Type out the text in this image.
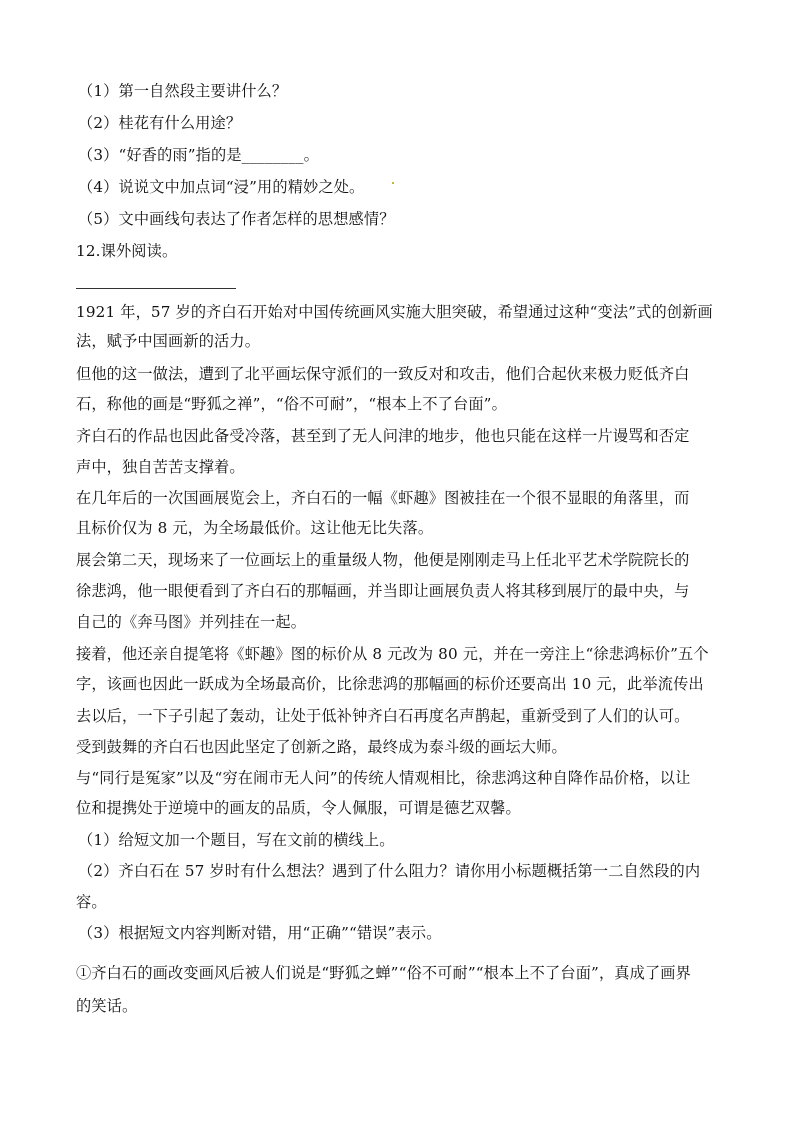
（1）第一自然段主要讲什么？
（2）桂花有什么用途？
（3）“好香的雨”指的是________。
（4）说说文中加点词“浸”用的精妙之处。
（5）文中画线句表达了作者怎样的思想感情？
12.课外阅读。
1921 年，57 岁的齐白石开始对中国传统画风实施大胆突破，希望通过这种“变法”式的创新画
法，赋予中国画新的活力。
但他的这一做法，遭到了北平画坛保守派们的一致反对和攻击，他们合起伙来极力贬低齐白
石，称他的画是“野狐之禅”，“俗不可耐”，“根本上不了台面”。
齐白石的作品也因此备受冷落，甚至到了无人问津的地步，他也只能在这样一片谩骂和否定
声中，独自苦苦支撑着。
在几年后的一次国画展览会上，齐白石的一幅《虾趣》图被挂在一个很不显眼的角落里，而
且标价仅为 8 元，为全场最低价。这让他无比失落。
展会第二天，现场来了一位画坛上的重量级人物，他便是刚刚走马上任北平艺术学院院长的
徐悲鸿，他一眼便看到了齐白石的那幅画，并当即让画展负责人将其移到展厅的最中央，与
自己的《奔马图》并列挂在一起。
接着，他还亲自提笔将《虾趣》图的标价从 8 元改为 80 元，并在一旁注上“徐悲鸿标价”五个
字，该画也因此一跃成为全场最高价，比徐悲鸿的那幅画的标价还要高出 10 元，此举流传出
去以后，一下子引起了轰动，让处于低补钟齐白石再度名声鹊起，重新受到了人们的认可。
受到鼓舞的齐白石也因此坚定了创新之路，最终成为泰斗级的画坛大师。
与“同行是冤家”以及“穷在闹市无人问”的传统人情观相比，徐悲鸿这种自降作品价格，以让
位和提携处于逆境中的画友的品质，令人佩服，可谓是德艺双馨。
（1）给短文加一个题目，写在文前的横线上。
（2）齐白石在 57 岁时有什么想法？遇到了什么阻力？请你用小标题概括第一二自然段的内
容。
（3）根据短文内容判断对错，用“正确”“错误”表示。
①齐白石的画改变画风后被人们说是“野狐之蝉”“俗不可耐”“根本上不了台面”，真成了画界
的笑话。
